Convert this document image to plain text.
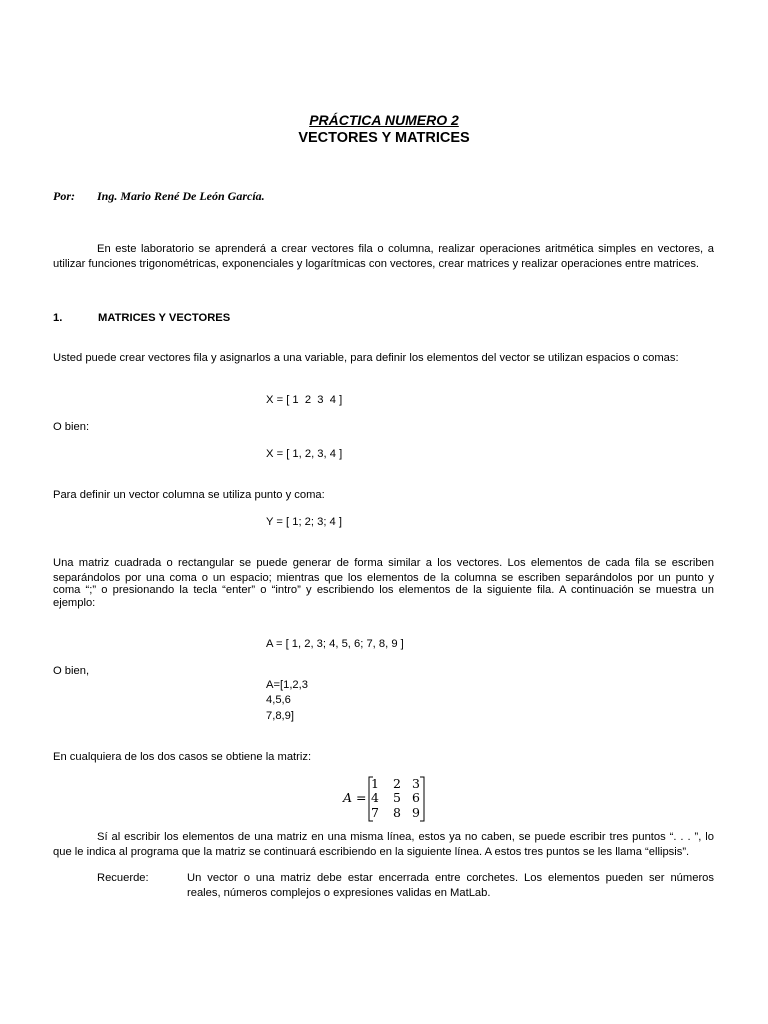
PRÁCTICA NUMERO 2
VECTORES Y MATRICES
Por: Ing. Mario René De León García.
En este laboratorio se aprenderá a crear vectores fila o columna, realizar operaciones aritmética simples en vectores, a
utilizar funciones trigonométricas, exponenciales y logarítmicas con vectores, crear matrices y realizar operaciones entre matrices.
1.	MATRICES Y VECTORES
Usted puede crear vectores fila y asignarlos a una variable, para definir los elementos del vector se utilizan espacios o comas:
X = [ 1  2  3  4 ]
O bien:
X = [ 1, 2, 3, 4 ]
Para definir un vector columna se utiliza punto y coma:
Y = [ 1; 2; 3; 4 ]
Una matriz cuadrada o rectangular se puede generar de forma similar a los vectores. Los elementos de cada fila se escriben
separándolos por una coma o un espacio; mientras que los elementos de la columna se escriben separándolos por un punto y
coma “;” o presionando la tecla “enter” o “intro” y escribiendo los elementos de la siguiente fila. A continuación se muestra un
ejemplo:
A = [ 1, 2, 3; 4, 5, 6; 7, 8, 9 ]
O bien,
A=[1,2,3
4,5,6
7,8,9]
En cualquiera de los dos casos se obtiene la matriz:
A =
1 2 3
4 5 6
7 8 9
Sí al escribir los elementos de una matriz en una misma línea, estos ya no caben, se puede escribir tres puntos “. . . ”, lo
que le indica al programa que la matriz se continuará escribiendo en la siguiente línea. A estos tres puntos se les llama “ellipsis”.
Recuerde:	Un vector o una matriz debe estar encerrada entre corchetes. Los elementos pueden ser números
reales, números complejos o expresiones validas en MatLab.
